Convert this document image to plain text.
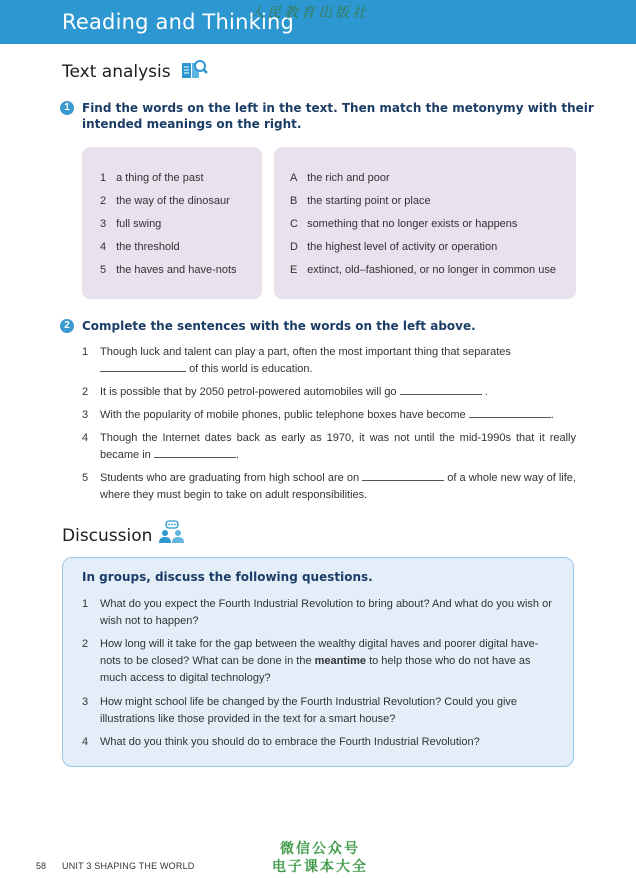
Reading and Thinking
人民教育出版社
Text analysis
1	Find the words on the left in the text. Then match the metonymy with their
intended meanings on the right.
1 a thing of the past
2 the way of the dinosaur
3 full swing
4 the threshold
5 the haves and have-nots
A the rich and poor
B the starting point or place
C something that no longer exists or happens
D the highest level of activity or operation
E extinct, old–fashioned, or no longer in common use
2	Complete the sentences with the words on the left above.
1 Though luck and talent can play a part, often the most important thing that separates
of this world is education.
2 It is possible that by 2050 petrol-powered automobiles will go	.
3 With the popularity of mobile phones, public telephone boxes have become	.
4 Though the Internet dates back as early as 1970, it was not until the mid-1990s that it really became in	.
5 Students who are graduating from high school are on	of a whole new way of life, where they must begin to take on adult responsibilities.
Discussion
In groups, discuss the following questions.
1 What do you expect the Fourth Industrial Revolution to bring about? And what do you wish or wish not to happen?
2 How long will it take for the gap between the wealthy digital haves and poorer digital have-nots to be closed? What can be done in the meantime to help those who do not have as much access to digital technology?
3 How might school life be changed by the Fourth Industrial Revolution? Could you give illustrations like those provided in the text for a smart house?
4 What do you think you should do to embrace the Fourth Industrial Revolution?
58 UNIT 3 SHAPING THE WORLD
微信公众号
电子课本大全
